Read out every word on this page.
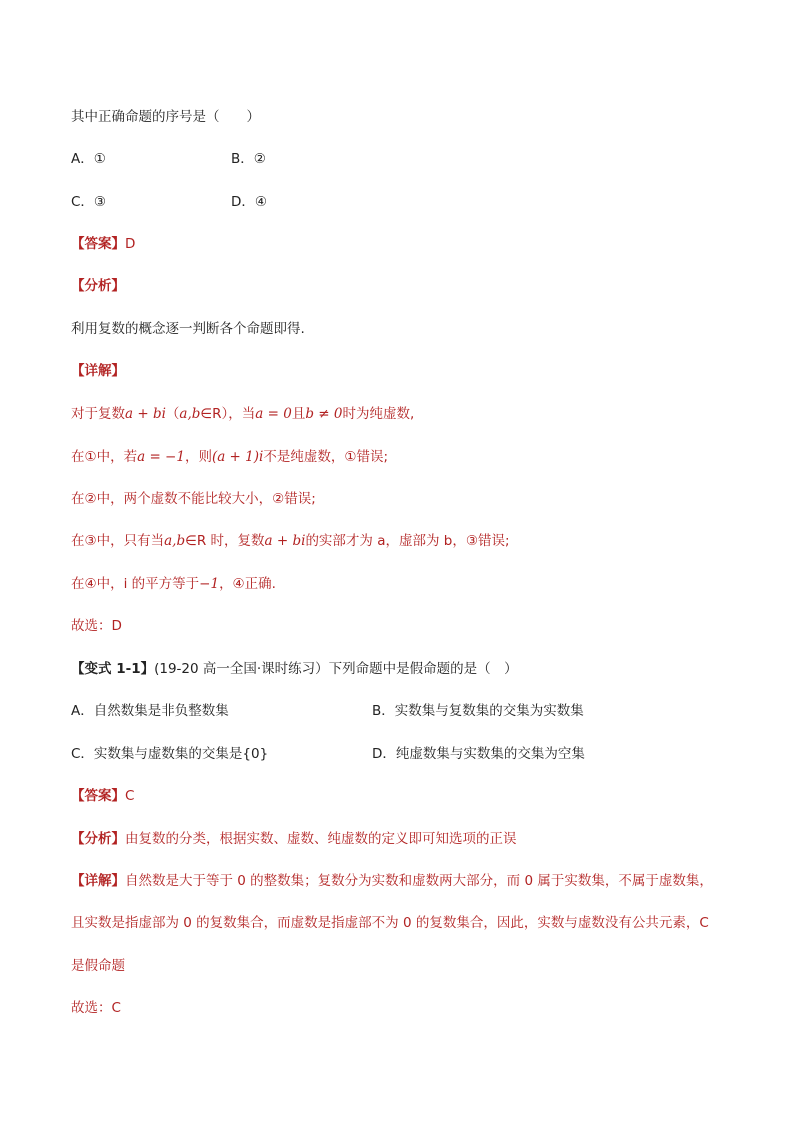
其中正确命题的序号是（　　）
A．①	B．②
C．③	D．④
【答案】D
【分析】
利用复数的概念逐一判断各个命题即得.
【详解】
对于复数a + bi（a,b∈R），当a = 0且b ≠ 0时为纯虚数,
在①中，若a = −1，则(a + 1)i不是纯虚数，①错误;
在②中，两个虚数不能比较大小，②错误;
在③中，只有当a,b∈R 时，复数a + bi的实部才为 a，虚部为 b，③错误;
在④中，i 的平方等于−1，④正确.
故选：D
【变式 1-1】(19-20 高一全国·课时练习）下列命题中是假命题的是（　）
A．自然数集是非负整数集	B．实数集与复数集的交集为实数集
C．实数集与虚数集的交集是{0}	D．纯虚数集与实数集的交集为空集
【答案】C
【分析】由复数的分类，根据实数、虚数、纯虚数的定义即可知选项的正误
【详解】自然数是大于等于 0 的整数集；复数分为实数和虚数两大部分，而 0 属于实数集，不属于虚数集，
且实数是指虚部为 0 的复数集合，而虚数是指虚部不为 0 的复数集合，因此，实数与虚数没有公共元素，C
是假命题
故选：C
